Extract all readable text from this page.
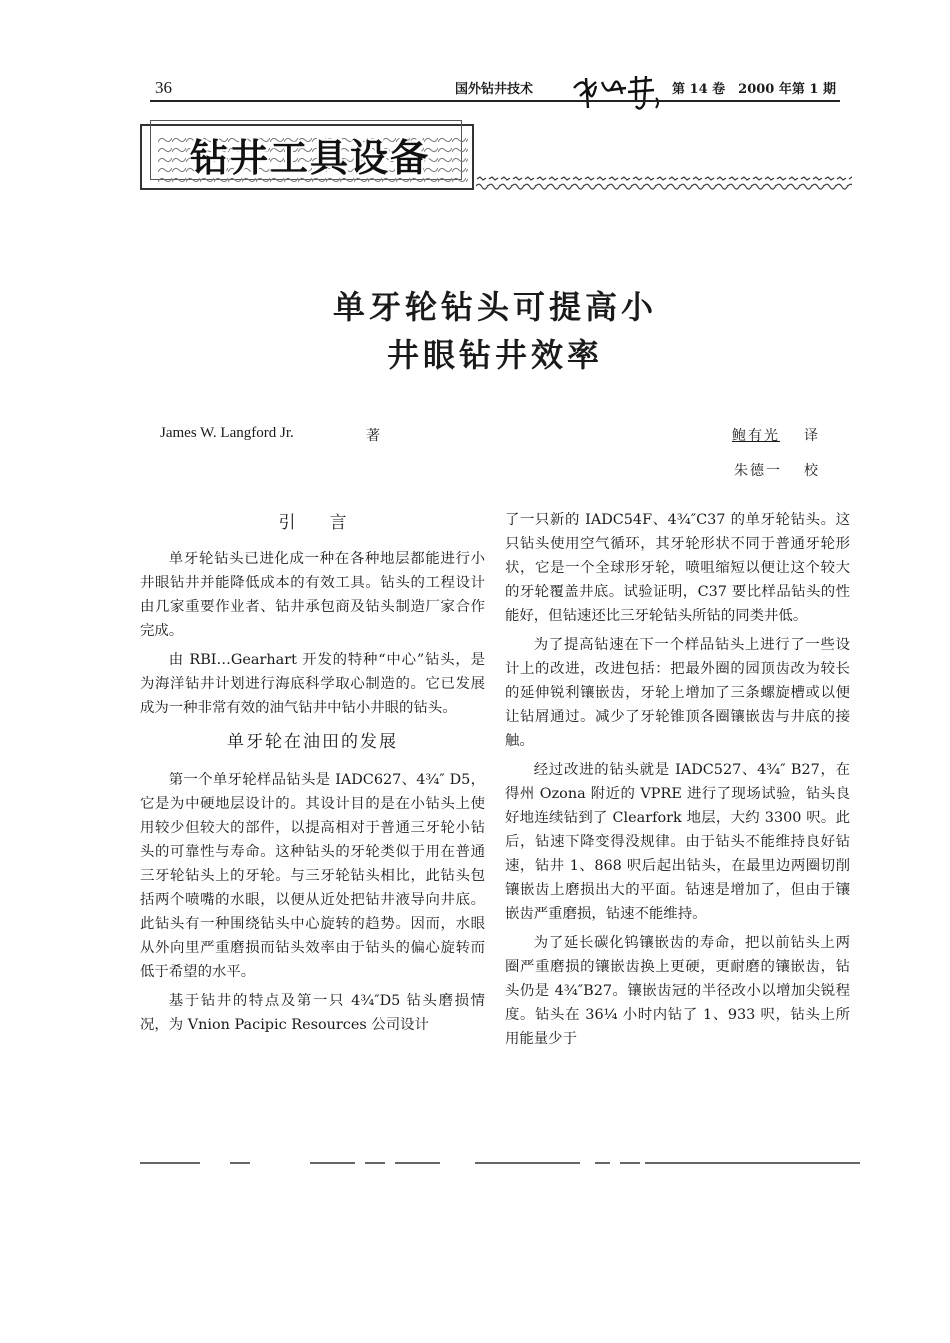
36	国外钻井技术	第 14 卷　2000 年第 1 期
钻井工具设备
单牙轮钻头可提高小
井眼钻井效率
James W. Langford Jr.	著	鲍有光 译
朱德一 校
引言

单牙轮钻头已进化成一种在各种地层都能进行小井眼钻井并能降低成本的有效工具。钻头的工程设计由几家重要作业者、钻井承包商及钻头制造厂家合作完成。

由 RBI…Gearhart 开发的特种“中心”钻头，是为海洋钻井计划进行海底科学取心制造的。它已发展成为一种非常有效的油气钻井中钻小井眼的钻头。

单牙轮在油田的发展

第一个单牙轮样品钻头是 IADC627、4³⁄₄″ D5，它是为中硬地层设计的。其设计目的是在小钻头上使用较少但较大的部件，以提高相对于普通三牙轮小钻头的可靠性与寿命。这种钻头的牙轮类似于用在普通三牙轮钻头上的牙轮。与三牙轮钻头相比，此钻头包括两个喷嘴的水眼，以便从近处把钻井液导向井底。此钻头有一种围绕钻头中心旋转的趋势。因而，水眼从外向里严重磨损而钻头效率由于钻头的偏心旋转而低于希望的水平。

基于钻井的特点及第一只 4³⁄₄″D5 钻头磨损情况，为 Vnion Pacipic Resources 公司设计

了一只新的 IADC54F、4³⁄₄″C37 的单牙轮钻头。这只钻头使用空气循环，其牙轮形状不同于普通牙轮形状，它是一个全球形牙轮，喷咀缩短以便让这个较大的牙轮覆盖井底。试验证明，C37 要比样品钻头的性能好，但钻速还比三牙轮钻头所钻的同类井低。

为了提高钻速在下一个样品钻头上进行了一些设计上的改进，改进包括：把最外圈的园顶齿改为较长的延伸锐利镶嵌齿，牙轮上增加了三条螺旋槽或以便让钻屑通过。减少了牙轮锥顶各圈镶嵌齿与井底的接触。

经过改进的钻头就是 IADC527、4³⁄₄″ B27，在得州 Ozona 附近的 VPRE 进行了现场试验，钻头良好地连续钻到了 Clearfork 地层，大约 3300 呎。此后，钻速下降变得没规律。由于钻头不能维持良好钻速，钻井 1、868 呎后起出钻头，在最里边两圈切削镶嵌齿上磨损出大的平面。钻速是增加了，但由于镶嵌齿严重磨损，钻速不能维持。

为了延长碳化钨镶嵌齿的寿命，把以前钻头上两圈严重磨损的镶嵌齿换上更硬，更耐磨的镶嵌齿，钻头仍是 4³⁄₄″B27。镶嵌齿冠的半径改小以增加尖锐程度。钻头在 36¹⁄₄ 小时内钻了 1、933 呎，钻头上所用能量少于
